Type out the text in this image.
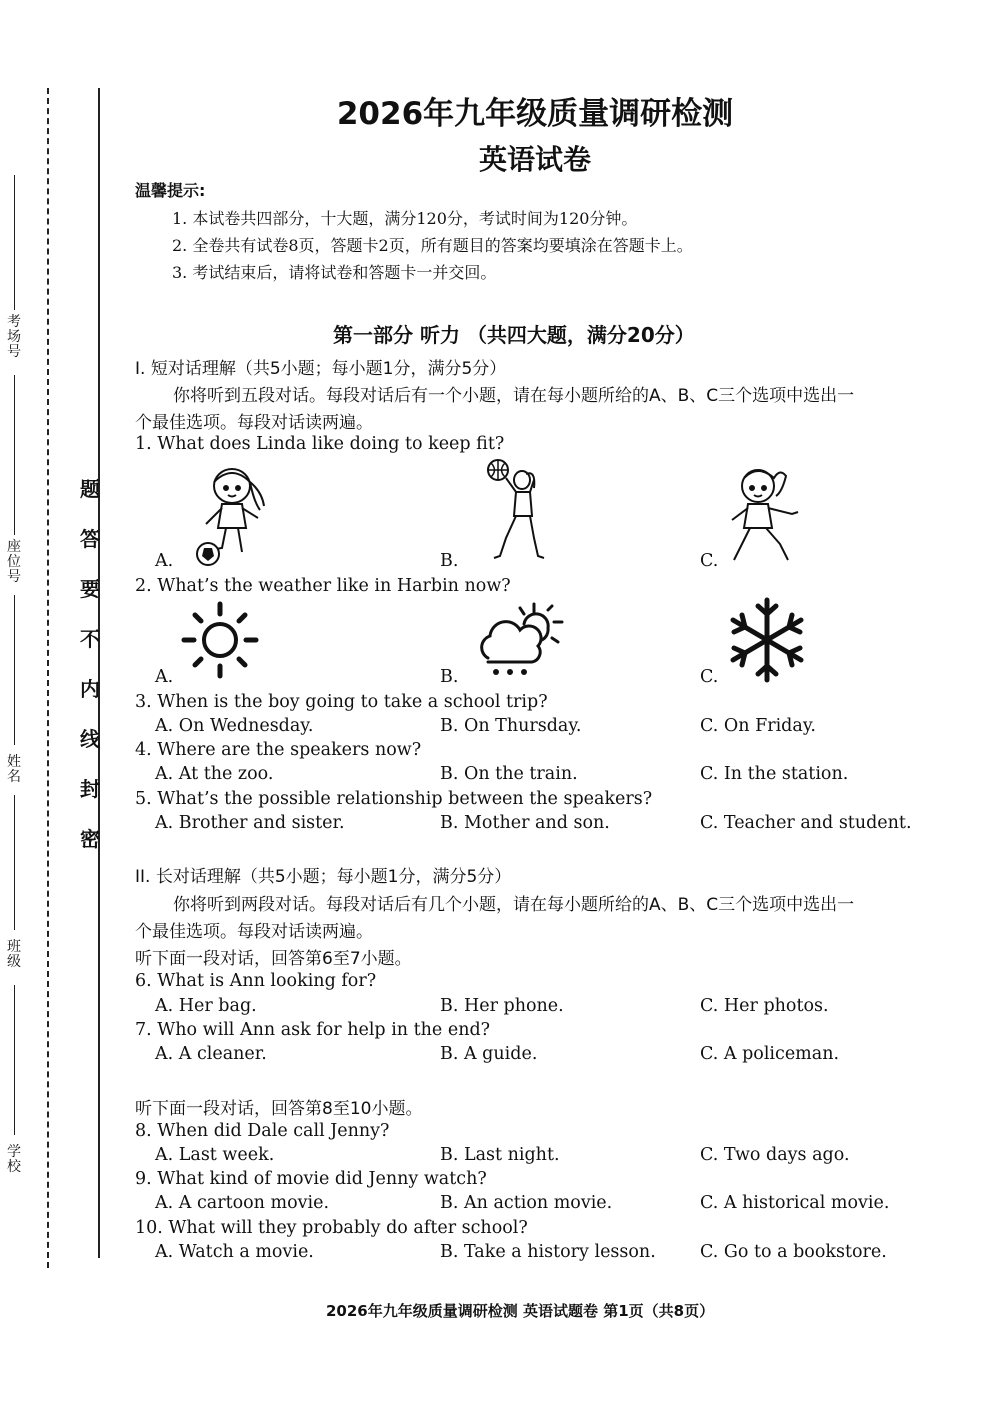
考场号
座位号
姓名
班级
学校
密
封
线
内
不
要
答
题
2026年九年级质量调研检测
英语试卷
温馨提示:
1. 本试卷共四部分，十大题，满分120分，考试时间为120分钟。
2. 全卷共有试卷8页，答题卡2页，所有题目的答案均要填涂在答题卡上。
3. 考试结束后，请将试卷和答题卡一并交回。
第一部分 听力 （共四大题，满分20分）
I. 短对话理解（共5小题；每小题1分，满分5分）
你将听到五段对话。每段对话后有一个小题，请在每小题所给的A、B、C三个选项中选出一
个最佳选项。每段对话读两遍。
1. What does Linda like doing to keep fit?
A.	B.	C.
2. What’s the weather like in Harbin now?
A.	B.	C.
3. When is the boy going to take a school trip?
A. On Wednesday.	B. On Thursday.	C. On Friday.
4. Where are the speakers now?
A. At the zoo.	B. On the train.	C. In the station.
5. What’s the possible relationship between the speakers?
A. Brother and sister.	B. Mother and son.	C. Teacher and student.
II. 长对话理解（共5小题；每小题1分，满分5分）
你将听到两段对话。每段对话后有几个小题，请在每小题所给的A、B、C三个选项中选出一
个最佳选项。每段对话读两遍。
听下面一段对话，回答第6至7小题。
6. What is Ann looking for?
A. Her bag.	B. Her phone.	C. Her photos.
7. Who will Ann ask for help in the end?
A. A cleaner.	B. A guide.	C. A policeman.
听下面一段对话，回答第8至10小题。
8. When did Dale call Jenny?
A. Last week.	B. Last night.	C. Two days ago.
9. What kind of movie did Jenny watch?
A. A cartoon movie.	B. An action movie.	C. A historical movie.
10. What will they probably do after school?
A. Watch a movie.	B. Take a history lesson.	C. Go to a bookstore.
2026年九年级质量调研检测 英语试题卷 第1页（共8页）
